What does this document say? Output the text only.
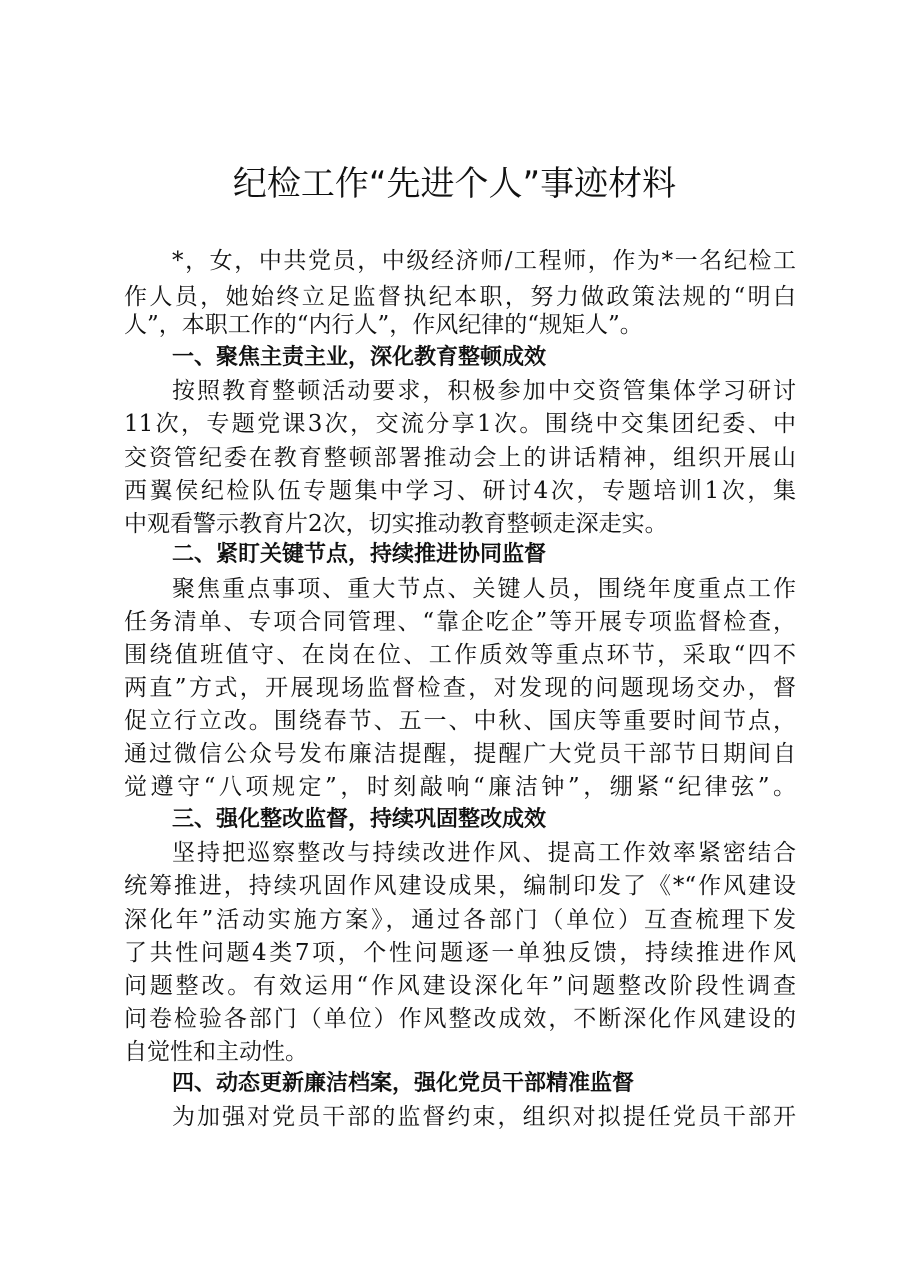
纪检工作“先进个人”事迹材料
*，女，中共党员，中级经济师/工程师，作为*一名纪检工
作人员，她始终立足监督执纪本职，努力做政策法规的“明白
人”，本职工作的“内行人”，作风纪律的“规矩人”。
一、聚焦主责主业，深化教育整顿成效
按照教育整顿活动要求，积极参加中交资管集体学习研讨
11次，专题党课3次，交流分享1次。围绕中交集团纪委、中
交资管纪委在教育整顿部署推动会上的讲话精神，组织开展山
西翼侯纪检队伍专题集中学习、研讨4次，专题培训1次，集
中观看警示教育片2次，切实推动教育整顿走深走实。
二、紧盯关键节点，持续推进协同监督
聚焦重点事项、重大节点、关键人员，围绕年度重点工作
任务清单、专项合同管理、“靠企吃企”等开展专项监督检查，
围绕值班值守、在岗在位、工作质效等重点环节，采取“四不
两直”方式，开展现场监督检查，对发现的问题现场交办，督
促立行立改。围绕春节、五一、中秋、国庆等重要时间节点，
通过微信公众号发布廉洁提醒，提醒广大党员干部节日期间自
觉遵守“八项规定”，时刻敲响“廉洁钟”，绷紧“纪律弦”。
三、强化整改监督，持续巩固整改成效
坚持把巡察整改与持续改进作风、提高工作效率紧密结合
统筹推进，持续巩固作风建设成果，编制印发了《*“作风建设
深化年”活动实施方案》，通过各部门（单位）互查梳理下发
了共性问题4类7项，个性问题逐一单独反馈，持续推进作风
问题整改。有效运用“作风建设深化年”问题整改阶段性调查
问卷检验各部门（单位）作风整改成效，不断深化作风建设的
自觉性和主动性。
四、动态更新廉洁档案，强化党员干部精准监督
为加强对党员干部的监督约束，组织对拟提任党员干部开
